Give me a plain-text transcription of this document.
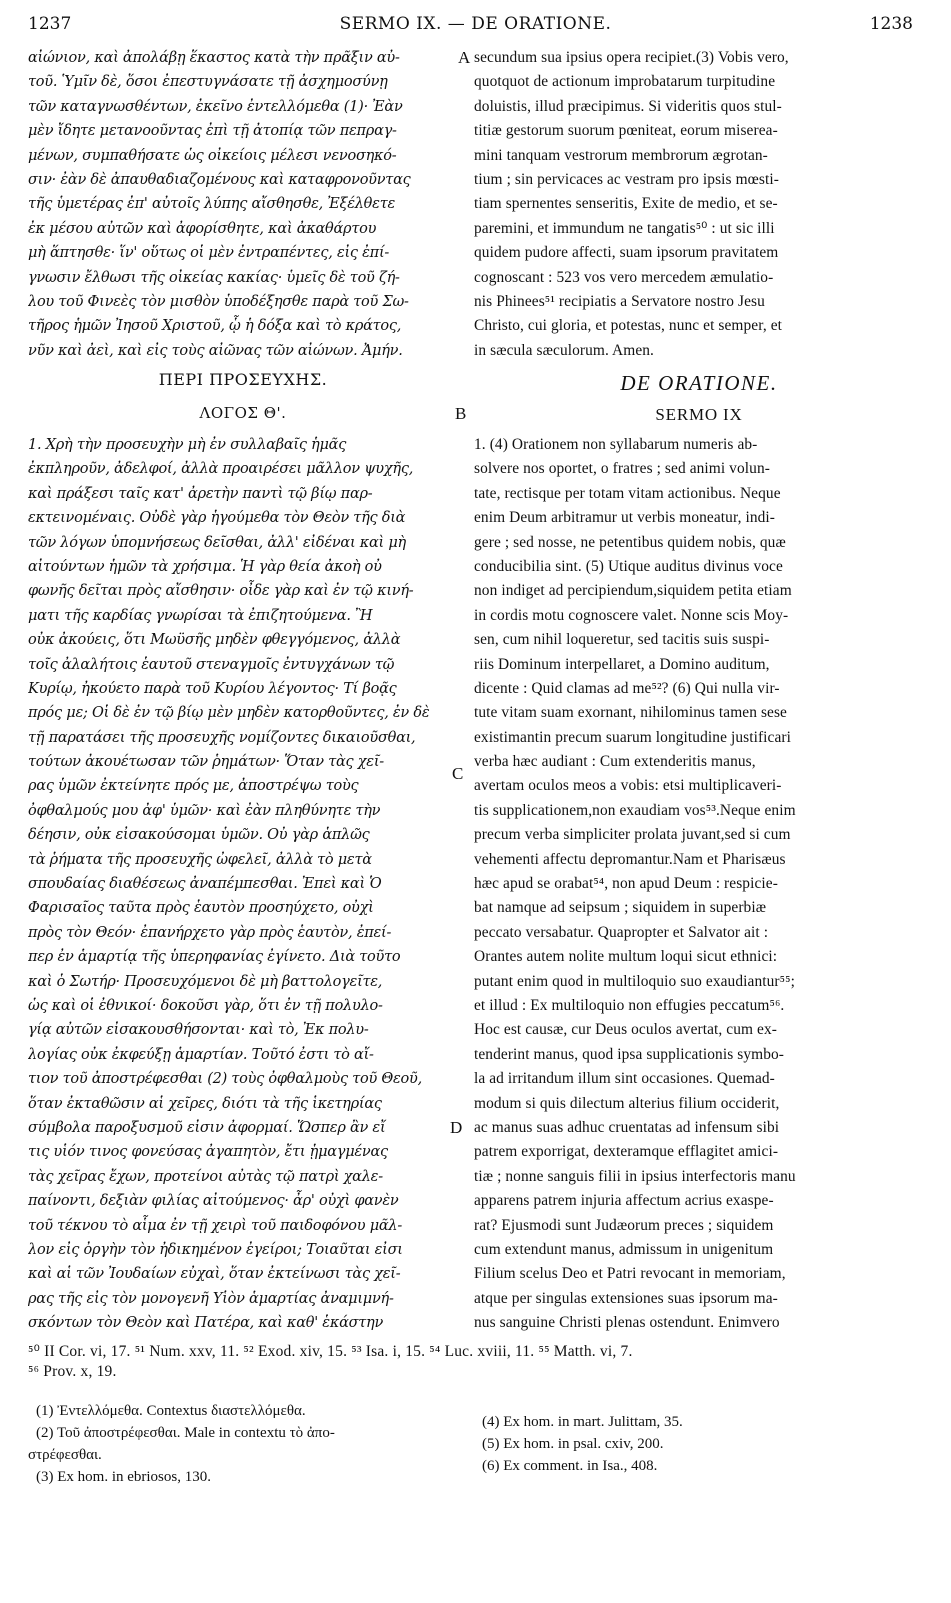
1237	SERMO IX. — DE ORATIONE.	1238
αἰώνιον, καὶ ἀπολάβῃ ἕκαστος κατὰ τὴν πρᾶξιν αὐ-
τοῦ. Ὑμῖν δὲ, ὅσοι ἐπεστυγνάσατε τῇ ἀσχημοσύνῃ
τῶν καταγνωσθέντων, ἐκεῖνο ἐντελλόμεθα (1)· Ἐὰν
μὲν ἴδητε μετανοοῦντας ἐπὶ τῇ ἀτοπίᾳ τῶν πεπραγ-
μένων, συμπαθήσατε ὡς οἰκείοις μέλεσι νενοσηκό-
σιν· ἐὰν δὲ ἀπαυθαδιαζομένους καὶ καταφρονοῦντας
τῆς ὑμετέρας ἐπ' αὐτοῖς λύπης αἴσθησθε, Ἐξέλθετε
ἐκ μέσου αὐτῶν καὶ ἀφορίσθητε, καὶ ἀκαθάρτου
μὴ ἅπτησθε· ἵν' οὕτως οἱ μὲν ἐντραπέντες, εἰς ἐπί-
γνωσιν ἔλθωσι τῆς οἰκείας κακίας· ὑμεῖς δὲ τοῦ ζή-
λου τοῦ Φινεὲς τὸν μισθὸν ὑποδέξησθε παρὰ τοῦ Σω-
τῆρος ἡμῶν Ἰησοῦ Χριστοῦ, ᾧ ἡ δόξα καὶ τὸ κράτος,
νῦν καὶ ἀεὶ, καὶ εἰς τοὺς αἰῶνας τῶν αἰώνων. Ἀμήν.
A secundum sua ipsius opera recipiet.(3) Vobis vero,
quotquot de actionum improbatarum turpitudine
doluistis, illud præcipimus. Si videritis quos stul-
titiæ gestorum suorum pœniteat, eorum miserea-
mini tanquam vestrorum membrorum ægrotan-
tium ; sin pervicaces ac vestram pro ipsis mœsti-
tiam spernentes senseritis, Exite de medio, et se-
paremini, et immundum ne tangatis⁵⁰ : ut sic illi
quidem pudore affecti, suam ipsorum pravitatem
cognoscant : 523 vos vero mercedem æmulatio-
nis Phinees⁵¹ recipiatis a Servatore nostro Jesu
Christo, cui gloria, et potestas, nunc et semper, et
in sæcula sæculorum. Amen.
ΠΕΡΙ ΠΡΟΣΕΥΧΗΣ.
ΛΟΓΟΣ Θ'.
DE ORATIONE.
SERMO IX
B
1. Χρὴ τὴν προσευχὴν μὴ ἐν συλλαβαῖς ἡμᾶς
ἐκπληροῦν, ἀδελφοί, ἀλλὰ προαιρέσει μᾶλλον ψυχῆς,
καὶ πράξεσι ταῖς κατ' ἀρετὴν παντὶ τῷ βίῳ παρ-
εκτεινομέναις. Οὐδὲ γὰρ ἡγούμεθα τὸν Θεὸν τῆς διὰ
τῶν λόγων ὑπομνήσεως δεῖσθαι, ἀλλ' εἰδέναι καὶ μὴ
αἰτούντων ἡμῶν τὰ χρήσιμα. Ἡ γὰρ θεία ἀκοὴ οὐ
φωνῆς δεῖται πρὸς αἴσθησιν· οἶδε γὰρ καὶ ἐν τῷ κινή-
ματι τῆς καρδίας γνωρίσαι τὰ ἐπιζητούμενα. Ἢ
οὐκ ἀκούεις, ὅτι Μωϋσῆς μηδὲν φθεγγόμενος, ἀλλὰ
τοῖς ἀλαλήτοις ἑαυτοῦ στεναγμοῖς ἐντυγχάνων τῷ
Κυρίῳ, ἠκούετο παρὰ τοῦ Κυρίου λέγοντος· Τί βοᾷς
πρός με; Οἱ δὲ ἐν τῷ βίῳ μὲν μηδὲν κατορθοῦντες, ἐν δὲ
τῇ παρατάσει τῆς προσευχῆς νομίζοντες δικαιοῦσθαι,
τούτων ἀκουέτωσαν τῶν ῥημάτων· Ὅταν τὰς χεῖ-
ρας ὑμῶν ἐκτείνητε πρός με, ἀποστρέψω τοὺς
ὀφθαλμούς μου ἀφ' ὑμῶν· καὶ ἐὰν πληθύνητε τὴν
δέησιν, οὐκ εἰσακούσομαι ὑμῶν. Οὐ γὰρ ἁπλῶς
τὰ ῥήματα τῆς προσευχῆς ὠφελεῖ, ἀλλὰ τὸ μετὰ
σπουδαίας διαθέσεως ἀναπέμπεσθαι. Ἐπεὶ καὶ Ὁ
Φαρισαῖος ταῦτα πρὸς ἑαυτὸν προσηύχετο, οὐχὶ
πρὸς τὸν Θεόν· ἐπανήρχετο γὰρ πρὸς ἑαυτὸν, ἐπεί-
περ ἐν ἁμαρτίᾳ τῆς ὑπερηφανίας ἐγίνετο. Διὰ τοῦτο
καὶ ὁ Σωτήρ· Προσευχόμενοι δὲ μὴ βαττολογεῖτε,
ὡς καὶ οἱ ἐθνικοί· δοκοῦσι γὰρ, ὅτι ἐν τῇ πολυλο-
γίᾳ αὐτῶν εἰσακουσθήσονται· καὶ τὸ, Ἐκ πολυ-
λογίας οὐκ ἐκφεύξῃ ἁμαρτίαν. Τοῦτό ἐστι τὸ αἴ-
τιον τοῦ ἀποστρέφεσθαι (2) τοὺς ὀφθαλμοὺς τοῦ Θεοῦ,
ὅταν ἐκταθῶσιν αἱ χεῖρες, διότι τὰ τῆς ἱκετηρίας
σύμβολα παροξυσμοῦ εἰσιν ἀφορμαί. Ὥσπερ ἂν εἴ
τις υἱόν τινος φονεύσας ἀγαπητὸν, ἔτι ᾑμαγμένας
τὰς χεῖρας ἔχων, προτείνοι αὐτὰς τῷ πατρὶ χαλε-
παίνοντι, δεξιὰν φιλίας αἰτούμενος· ἆρ' οὐχὶ φανὲν
τοῦ τέκνου τὸ αἷμα ἐν τῇ χειρὶ τοῦ παιδοφόνου μᾶλ-
λον εἰς ὀργὴν τὸν ἠδικημένον ἐγείροι; Τοιαῦται εἰσι
καὶ αἱ τῶν Ἰουδαίων εὐχαὶ, ὅταν ἐκτείνωσι τὰς χεῖ-
ρας τῆς εἰς τὸν μονογενῆ Υἱὸν ἁμαρτίας ἀναμιμνή-
σκόντων τὸν Θεὸν καὶ Πατέρα, καὶ καθ' ἑκάστην
C
D
1. (4) Orationem non syllabarum numeris ab-
solvere nos oportet, o fratres ; sed animi volun-
tate, rectisque per totam vitam actionibus. Neque
enim Deum arbitramur ut verbis moneatur, indi-
gere ; sed nosse, ne petentibus quidem nobis, quæ
conducibilia sint. (5) Utique auditus divinus voce
non indiget ad percipiendum,siquidem petita etiam
in cordis motu cognoscere valet. Nonne scis Moy-
sen, cum nihil loqueretur, sed tacitis suis suspi-
riis Dominum interpellaret, a Domino auditum,
dicente : Quid clamas ad me⁵²? (6) Qui nulla vir-
tute vitam suam exornant, nihilominus tamen sese
existimantin precum suarum longitudine justificari
verba hæc audiant : Cum extenderitis manus,
avertam oculos meos a vobis: etsi multiplicaveri-
tis supplicationem,non exaudiam vos⁵³.Neque enim
precum verba simpliciter prolata juvant,sed si cum
vehementi affectu depromantur.Nam et Pharisæus
hæc apud se orabat⁵⁴, non apud Deum : respicie-
bat namque ad seipsum ; siquidem in superbiæ
peccato versabatur. Quapropter et Salvator ait :
Orantes autem nolite multum loqui sicut ethnici:
putant enim quod in multiloquio suo exaudiantur⁵⁵;
et illud : Ex multiloquio non effugies peccatum⁵⁶.
Hoc est causæ, cur Deus oculos avertat, cum ex-
tenderint manus, quod ipsa supplicationis symbo-
la ad irritandum illum sint occasiones. Quemad-
modum si quis dilectum alterius filium occiderit,
ac manus suas adhuc cruentatas ad infensum sibi
patrem exporrigat, dexteramque efflagitet amici-
tiæ ; nonne sanguis filii in ipsius interfectoris manu
apparens patrem injuria affectum acrius exaspe-
rat? Ejusmodi sunt Judæorum preces ; siquidem
cum extendunt manus, admissum in unigenitum
Filium scelus Deo et Patri revocant in memoriam,
atque per singulas extensiones suas ipsorum ma-
nus sanguine Christi plenas ostendunt. Enimvero
⁵⁰ II Cor. vi, 17. ⁵¹ Num. xxv, 11. ⁵² Exod. xiv, 15. ⁵³ Isa. i, 15. ⁵⁴ Luc. xviii, 11. ⁵⁵ Matth. vi, 7.
⁵⁶ Prov. x, 19.
(1) Ἐντελλόμεθα. Contextus διαστελλόμεθα.
(2) Τοῦ ἀποστρέφεσθαι. Male in contextu τὸ ἀπο-
στρέφεσθαι.
(3) Ex hom. in ebriosos, 130.
(4) Ex hom. in mart. Julittam, 35.
(5) Ex hom. in psal. cxiv, 200.
(6) Ex comment. in Isa., 408.
